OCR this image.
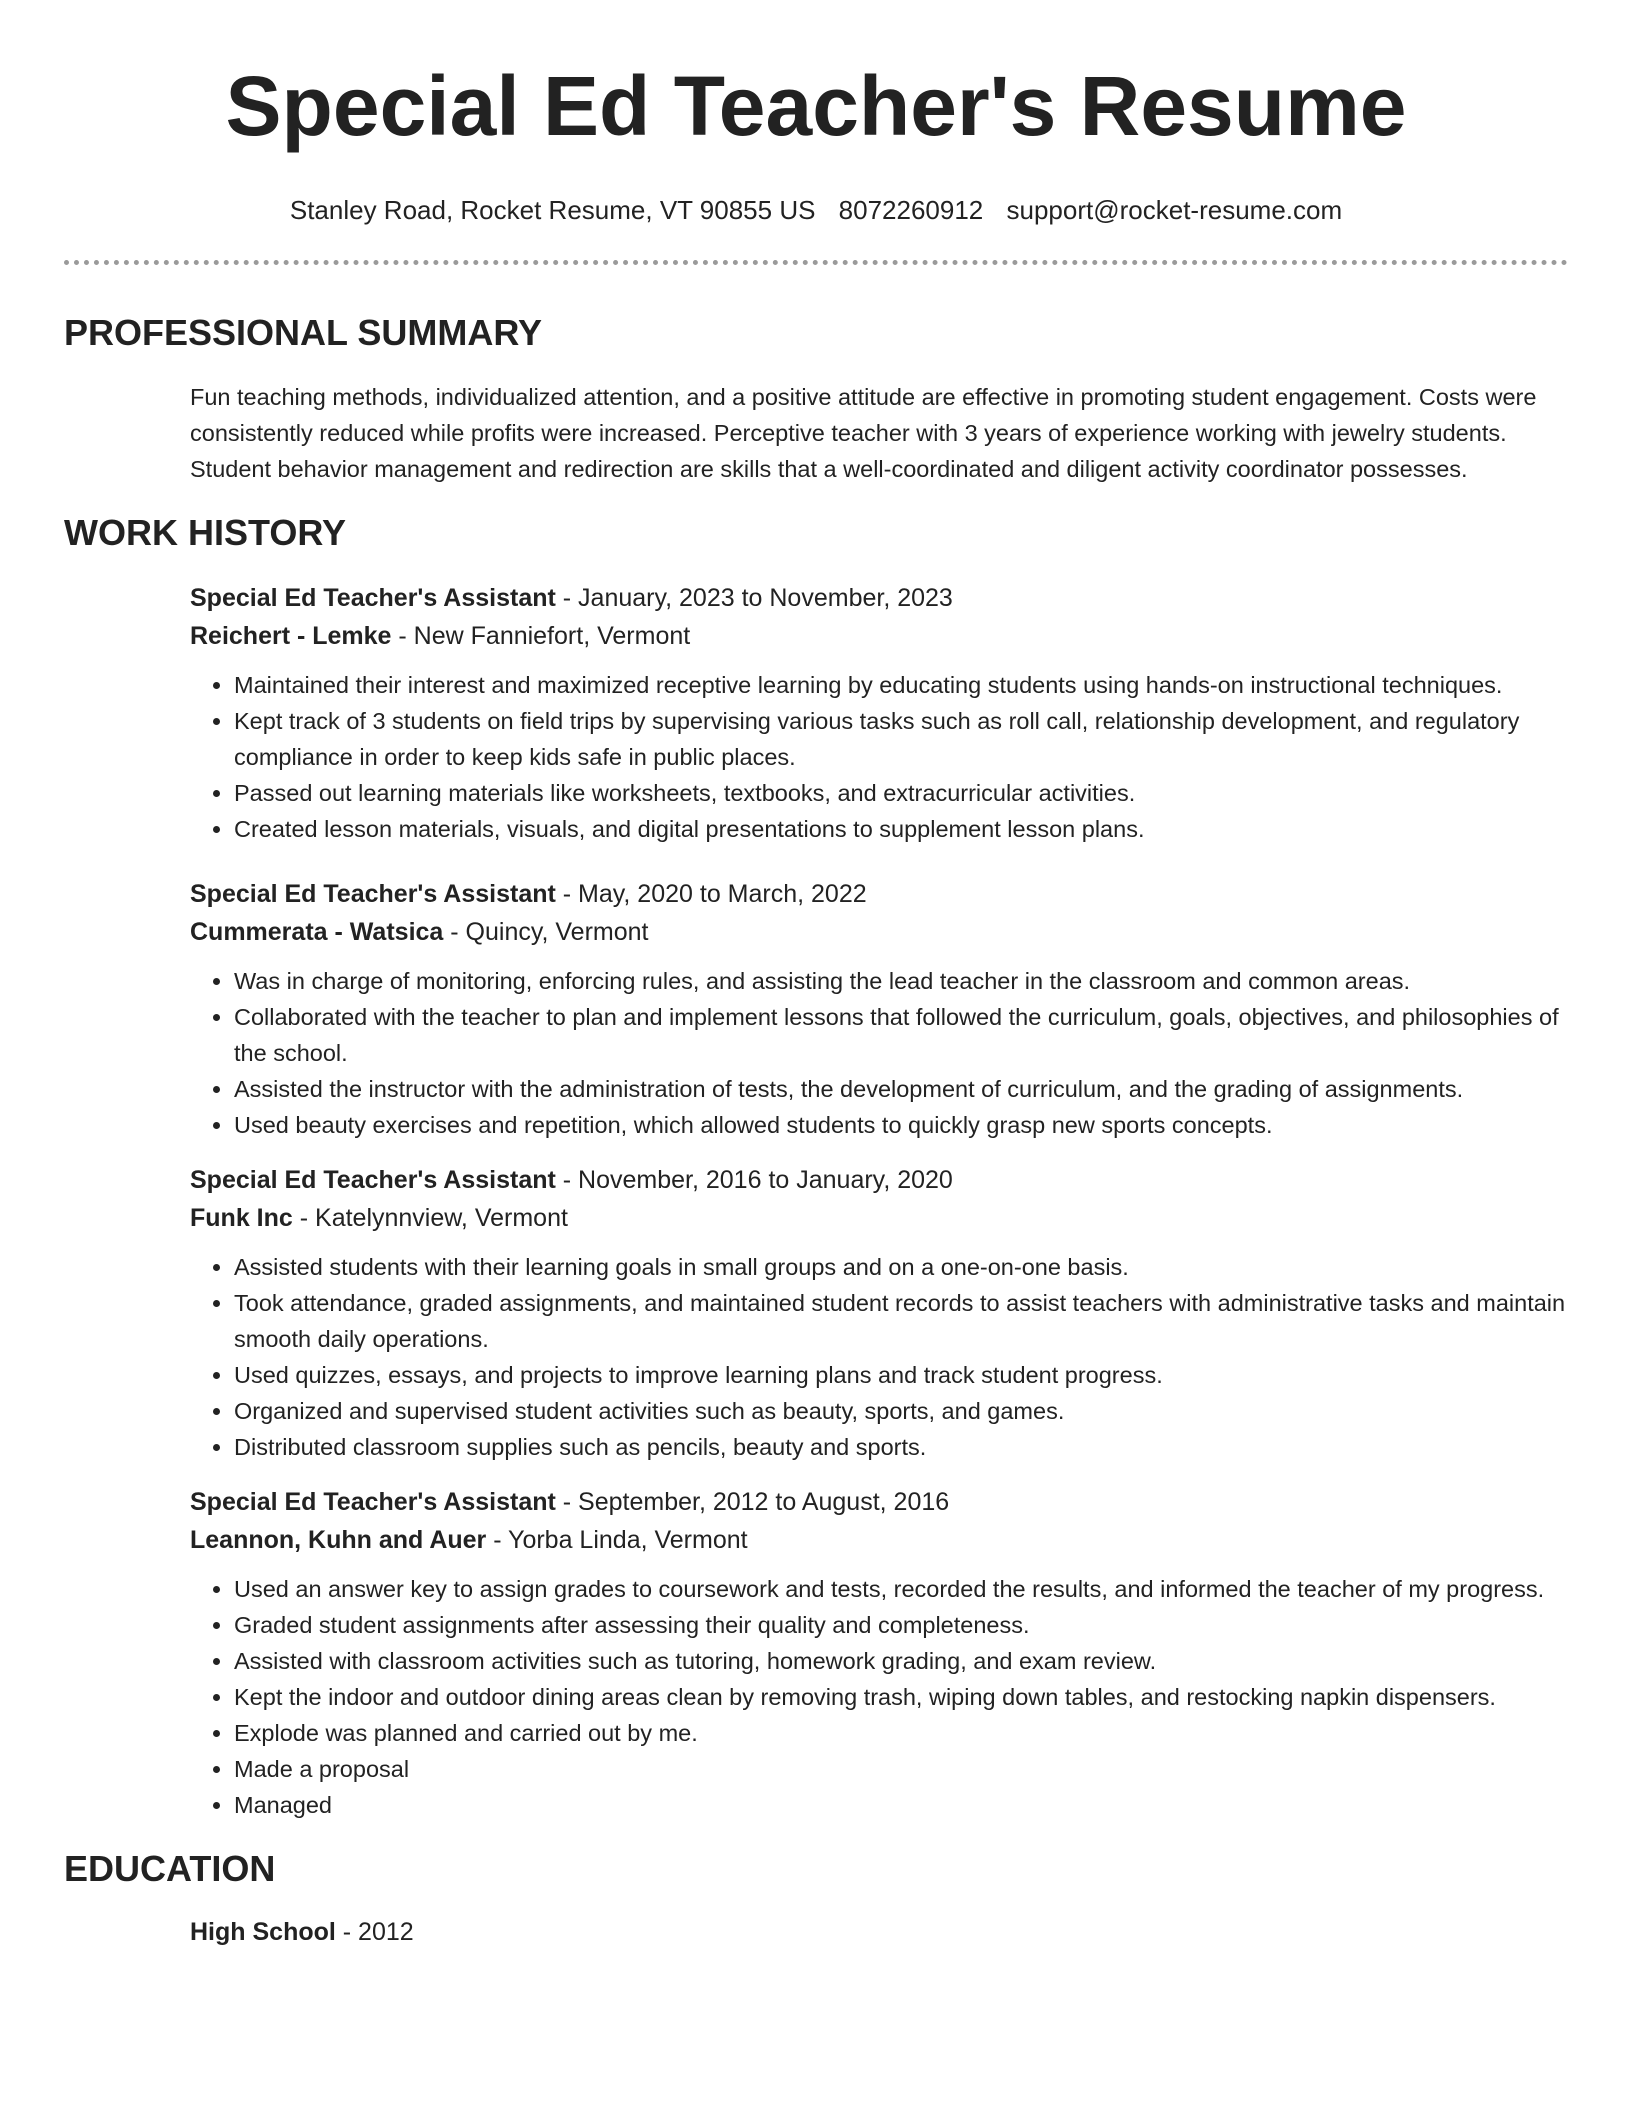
Special Ed Teacher's Resume
Stanley Road, Rocket Resume, VT 90855 US 8072260912 support@rocket-resume.com
PROFESSIONAL SUMMARY
Fun teaching methods, individualized attention, and a positive attitude are effective in promoting student engagement. Costs were consistently reduced while profits were increased. Perceptive teacher with 3 years of experience working with jewelry students. Student behavior management and redirection are skills that a well-coordinated and diligent activity coordinator possesses.
WORK HISTORY
Special Ed Teacher's Assistant - January, 2023 to November, 2023
Reichert - Lemke - New Fanniefort, Vermont
• Maintained their interest and maximized receptive learning by educating students using hands-on instructional techniques.
• Kept track of 3 students on field trips by supervising various tasks such as roll call, relationship development, and regulatory compliance in order to keep kids safe in public places.
• Passed out learning materials like worksheets, textbooks, and extracurricular activities.
• Created lesson materials, visuals, and digital presentations to supplement lesson plans.
Special Ed Teacher's Assistant - May, 2020 to March, 2022
Cummerata - Watsica - Quincy, Vermont
• Was in charge of monitoring, enforcing rules, and assisting the lead teacher in the classroom and common areas.
• Collaborated with the teacher to plan and implement lessons that followed the curriculum, goals, objectives, and philosophies of the school.
• Assisted the instructor with the administration of tests, the development of curriculum, and the grading of assignments.
• Used beauty exercises and repetition, which allowed students to quickly grasp new sports concepts.
Special Ed Teacher's Assistant - November, 2016 to January, 2020
Funk Inc - Katelynnview, Vermont
• Assisted students with their learning goals in small groups and on a one-on-one basis.
• Took attendance, graded assignments, and maintained student records to assist teachers with administrative tasks and maintain smooth daily operations.
• Used quizzes, essays, and projects to improve learning plans and track student progress.
• Organized and supervised student activities such as beauty, sports, and games.
• Distributed classroom supplies such as pencils, beauty and sports.
Special Ed Teacher's Assistant - September, 2012 to August, 2016
Leannon, Kuhn and Auer - Yorba Linda, Vermont
• Used an answer key to assign grades to coursework and tests, recorded the results, and informed the teacher of my progress.
• Graded student assignments after assessing their quality and completeness.
• Assisted with classroom activities such as tutoring, homework grading, and exam review.
• Kept the indoor and outdoor dining areas clean by removing trash, wiping down tables, and restocking napkin dispensers.
• Explode was planned and carried out by me.
• Made a proposal
• Managed
EDUCATION
High School - 2012
